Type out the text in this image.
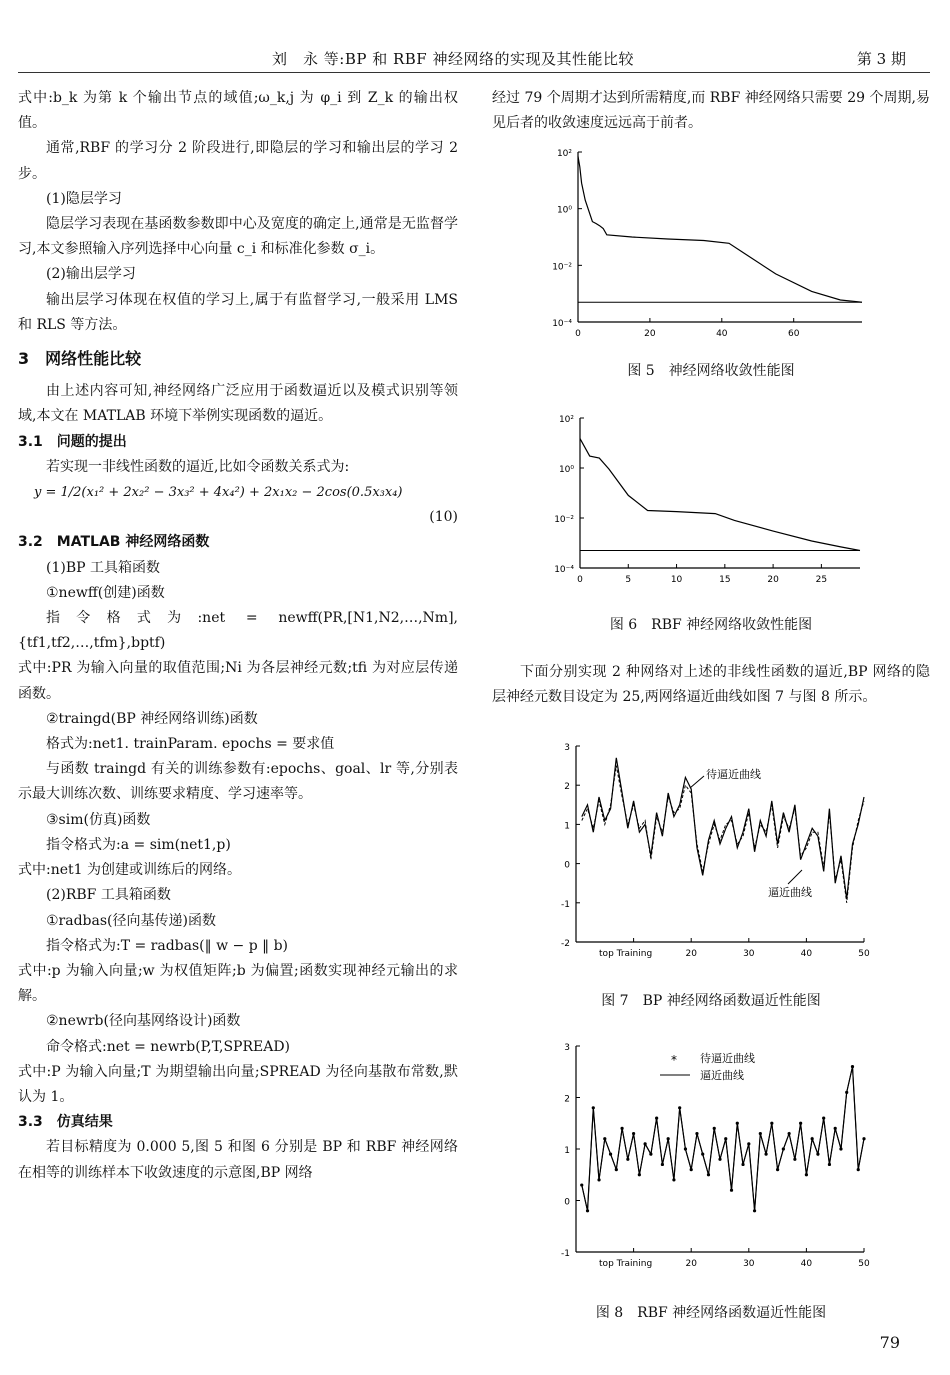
刘　永 等:BP 和 RBF 神经网络的实现及其性能比较	第 3 期

式中:b_k 为第 k 个输出节点的域值;ω_k,j 为 φ_i 到 Z_k 的输出权值。

通常,RBF 的学习分 2 阶段进行,即隐层的学习和输出层的学习 2 步。

(1)隐层学习

隐层学习表现在基函数参数即中心及宽度的确定上,通常是无监督学习,本文参照输入序列选择中心向量 c_i 和标准化参数 σ_i。

(2)输出层学习

输出层学习体现在权值的学习上,属于有监督学习,一般采用 LMS 和 RLS 等方法。

3　网络性能比较

由上述内容可知,神经网络广泛应用于函数逼近以及模式识别等领域,本文在 MATLAB 环境下举例实现函数的逼近。

3.1　问题的提出

若实现一非线性函数的逼近,比如令函数关系式为:

y = 1/2(x₁² + 2x₂² − 3x₃² + 4x₄²) + 2x₁x₂ − 2cos(0.5x₃x₄)

(10)

3.2　MATLAB 神经网络函数

(1)BP 工具箱函数

①newff(创建)函数

指令格式为:net = newff(PR,[N1,N2,…,Nm],{tf1,tf2,…,tfm},bptf)

式中:PR 为输入向量的取值范围;Ni 为各层神经元数;tfi 为对应层传递函数。

②traingd(BP 神经网络训练)函数

格式为:net1. trainParam. epochs = 要求值

与函数 traingd 有关的训练参数有:epochs、goal、lr 等,分别表示最大训练次数、训练要求精度、学习速率等。

③sim(仿真)函数

指令格式为:a = sim(net1,p)

式中:net1 为创建或训练后的网络。

(2)RBF 工具箱函数

①radbas(径向基传递)函数

指令格式为:T = radbas(‖ w − p ‖ b)

式中:p 为输入向量;w 为权值矩阵;b 为偏置;函数实现神经元输出的求解。

②newrb(径向基网络设计)函数

命令格式:net = newrb(P,T,SPREAD)

式中:P 为输入向量;T 为期望输出向量;SPREAD 为径向基散布常数,默认为 1。

3.3　仿真结果

若目标精度为 0.000 5,图 5 和图 6 分别是 BP 和 RBF 神经网络在相等的训练样本下收敛速度的示意图,BP 网络

经过 79 个周期才达到所需精度,而 RBF 神经网络只需要 29 个周期,易见后者的收敛速度远远高于前者。

10²
10⁰
10⁻²
10⁻⁴
0	20	40	60
图 5　神经网络收敛性能图
10²
10⁰
10⁻²
10⁻⁴
0	5	10	15	20	25
图 6　RBF 神经网络收敛性能图

下面分别实现 2 种网络对上述的非线性函数的逼近,BP 网络的隐层神经元数目设定为 25,两网络逼近曲线如图 7 与图 8 所示。

3
2
1
0
-1
-2
top Training	20	30	40	50
待逼近曲线
逼近曲线
图 7　BP 神经网络函数逼近性能图
3
2
1
0
-1
top Training	20	30	40	50
* 待逼近曲线
逼近曲线
图 8　RBF 神经网络函数逼近性能图
79
